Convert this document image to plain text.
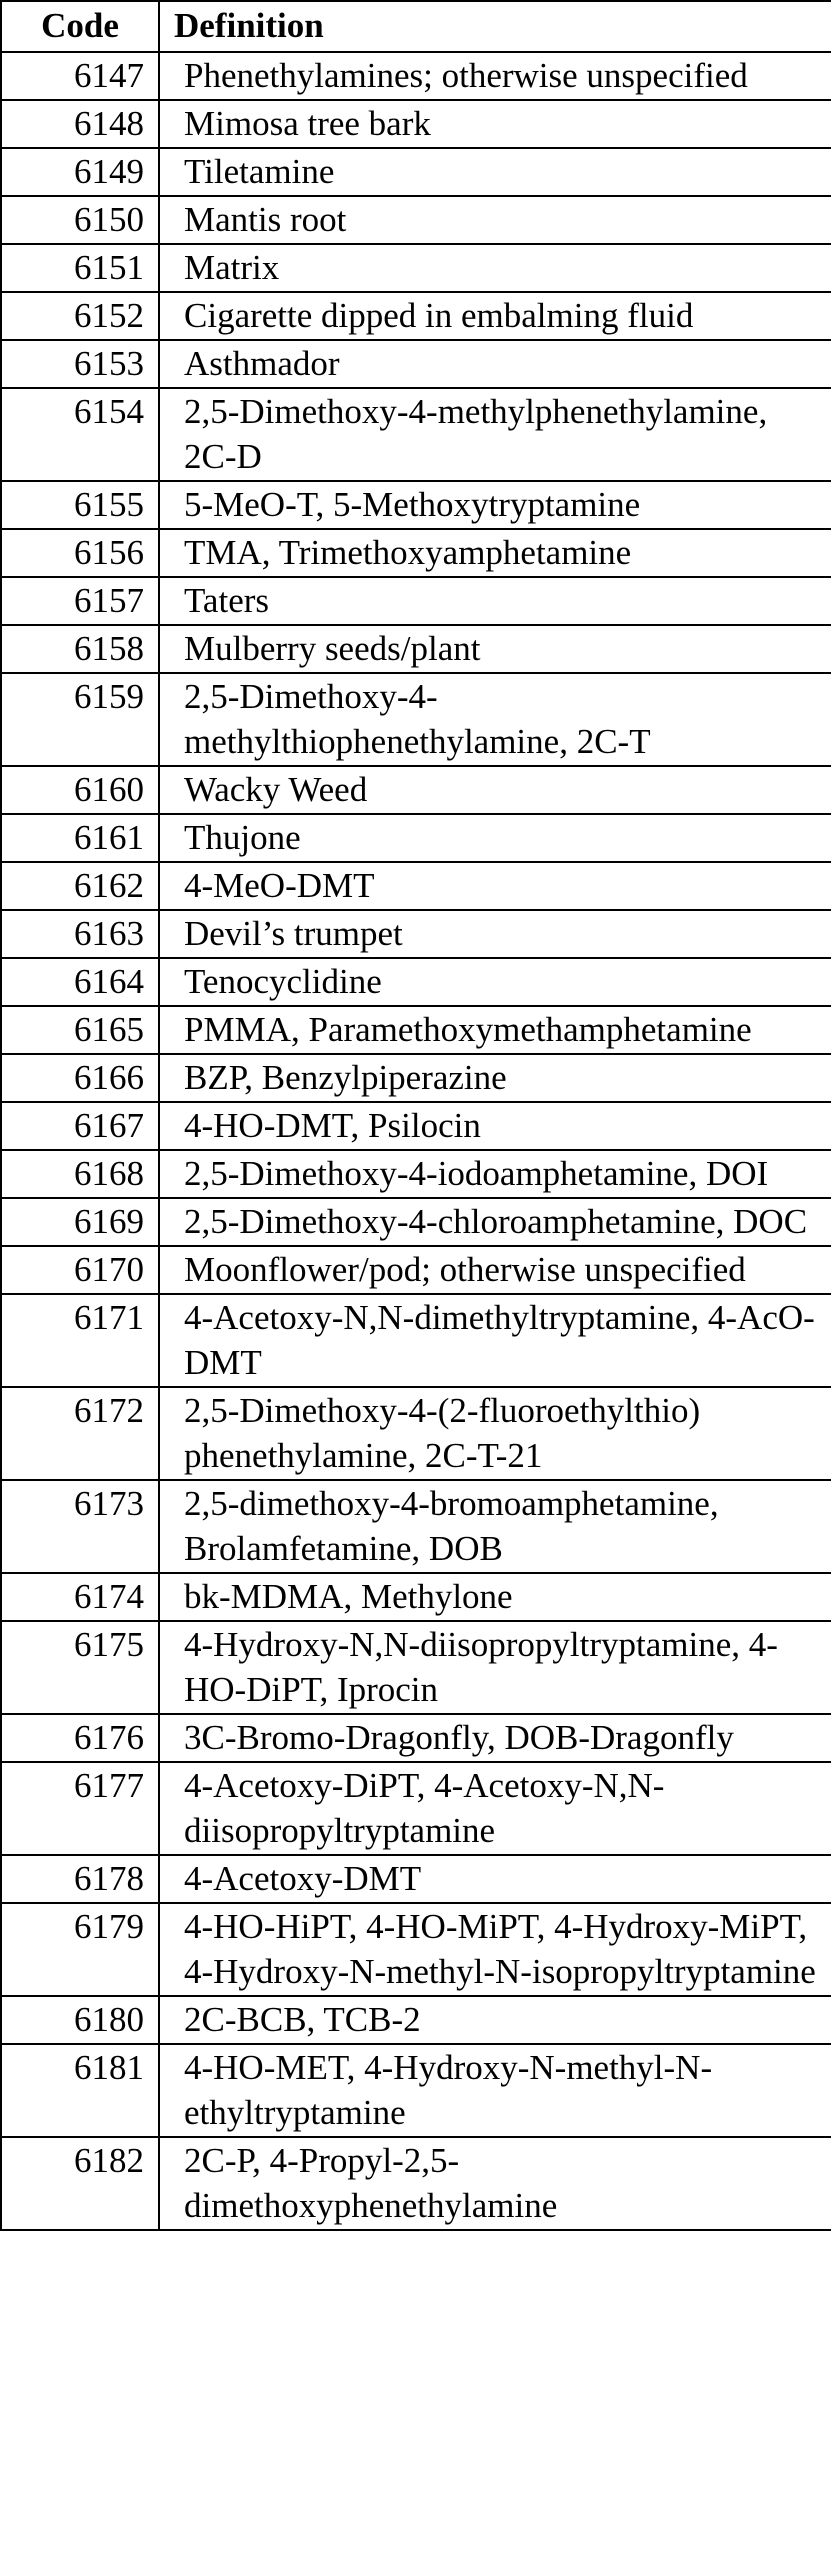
Code	Definition
6147	Phenethylamines; otherwise unspecified
6148	Mimosa tree bark
6149	Tiletamine
6150	Mantis root
6151	Matrix
6152	Cigarette dipped in embalming fluid
6153	Asthmador
6154	2,5-Dimethoxy-4-methylphenethylamine, 2C-D
6155	5-MeO-T, 5-Methoxytryptamine
6156	TMA, Trimethoxyamphetamine
6157	Taters
6158	Mulberry seeds/plant
6159	2,5-Dimethoxy-4-methylthiophenethylamine, 2C-T
6160	Wacky Weed
6161	Thujone
6162	4-MeO-DMT
6163	Devil’s trumpet
6164	Tenocyclidine
6165	PMMA, Paramethoxymethamphetamine
6166	BZP, Benzylpiperazine
6167	4-HO-DMT, Psilocin
6168	2,5-Dimethoxy-4-iodoamphetamine, DOI
6169	2,5-Dimethoxy-4-chloroamphetamine, DOC
6170	Moonflower/pod; otherwise unspecified
6171	4-Acetoxy-N,N-dimethyltryptamine, 4-AcO-DMT
6172	2,5-Dimethoxy-4-(2-fluoroethylthio) phenethylamine, 2C-T-21
6173	2,5-dimethoxy-4-bromoamphetamine, Brolamfetamine, DOB
6174	bk-MDMA, Methylone
6175	4-Hydroxy-N,N-diisopropyltryptamine, 4-HO-DiPT, Iprocin
6176	3C-Bromo-Dragonfly, DOB-Dragonfly
6177	4-Acetoxy-DiPT, 4-Acetoxy-N,N-diisopropyltryptamine
6178	4-Acetoxy-DMT
6179	4-HO-HiPT, 4-HO-MiPT, 4-Hydroxy-MiPT, 4-Hydroxy-N-methyl-N-isopropyltryptamine
6180	2C-BCB, TCB-2
6181	4-HO-MET, 4-Hydroxy-N-methyl-N-ethyltryptamine
6182	2C-P, 4-Propyl-2,5-dimethoxyphenethylamine
